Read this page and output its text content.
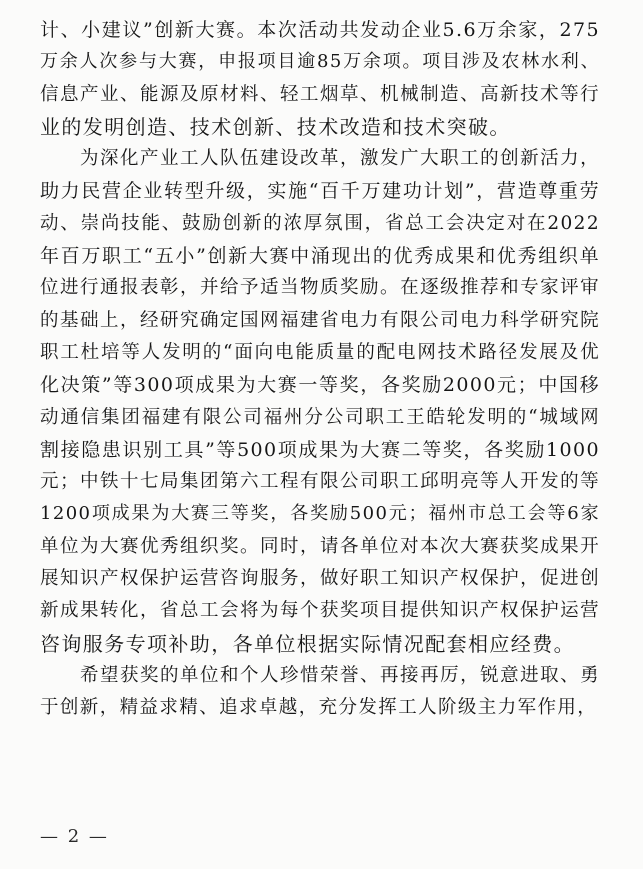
计、小建议”创新大赛。本次活动共发动企业5.6万余家，275
万余人次参与大赛，申报项目逾85万余项。项目涉及农林水利、
信息产业、能源及原材料、轻工烟草、机械制造、高新技术等行
业的发明创造、技术创新、技术改造和技术突破。
为深化产业工人队伍建设改革，激发广大职工的创新活力，
助力民营企业转型升级，实施“百千万建功计划”，营造尊重劳
动、崇尚技能、鼓励创新的浓厚氛围，省总工会决定对在2022
年百万职工“五小”创新大赛中涌现出的优秀成果和优秀组织单
位进行通报表彰，并给予适当物质奖励。在逐级推荐和专家评审
的基础上，经研究确定国网福建省电力有限公司电力科学研究院
职工杜培等人发明的“面向电能质量的配电网技术路径发展及优
化决策”等300项成果为大赛一等奖，各奖励2000元；中国移
动通信集团福建有限公司福州分公司职工王皓轮发明的“城域网
割接隐患识别工具”等500项成果为大赛二等奖，各奖励1000
元；中铁十七局集团第六工程有限公司职工邱明亮等人开发的等
1200项成果为大赛三等奖，各奖励500元；福州市总工会等6家
单位为大赛优秀组织奖。同时，请各单位对本次大赛获奖成果开
展知识产权保护运营咨询服务，做好职工知识产权保护，促进创
新成果转化，省总工会将为每个获奖项目提供知识产权保护运营
咨询服务专项补助，各单位根据实际情况配套相应经费。
希望获奖的单位和个人珍惜荣誉、再接再厉，锐意进取、勇
于创新，精益求精、追求卓越，充分发挥工人阶级主力军作用，
— 2 —
